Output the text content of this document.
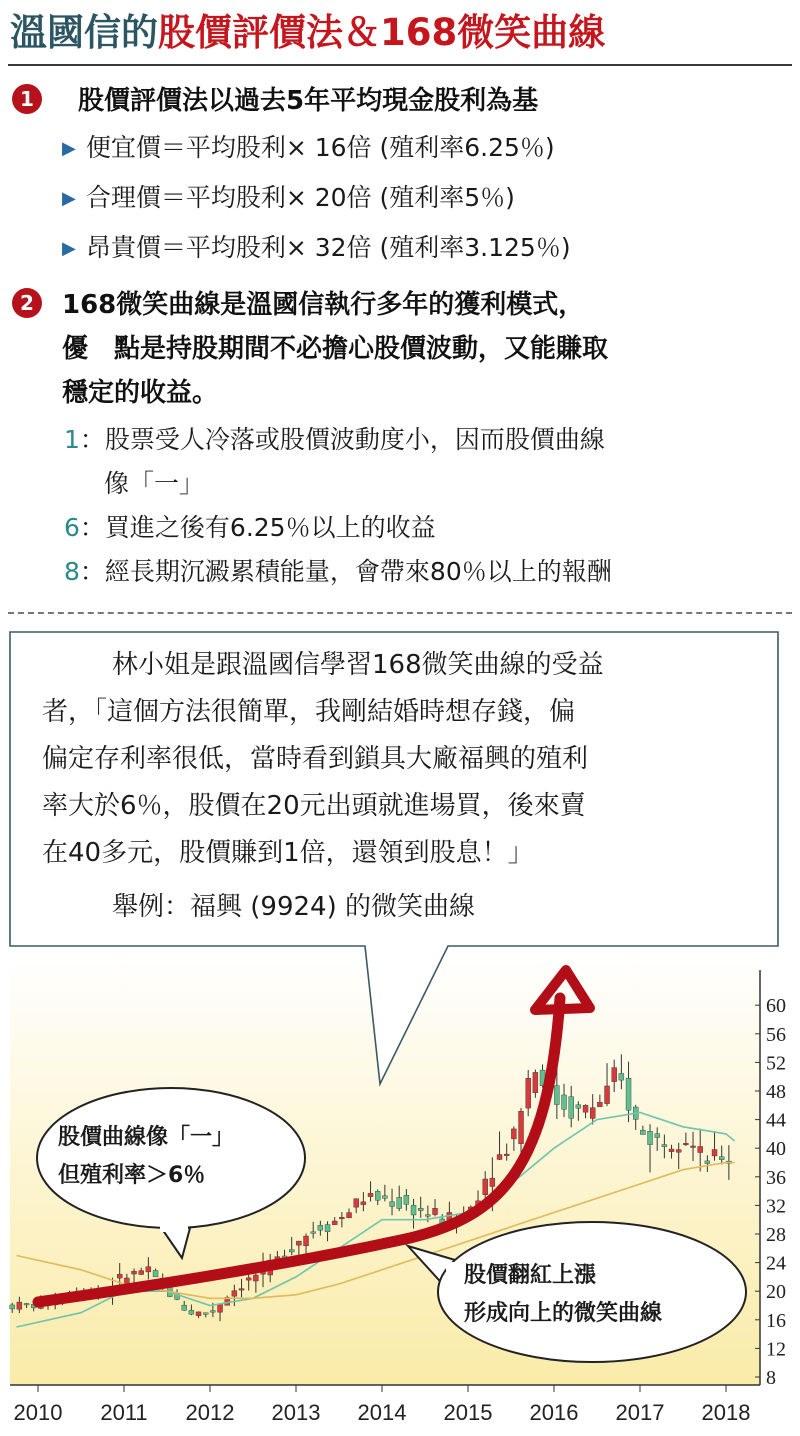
溫國信的股價評價法＆168微笑曲線
1	股價評價法以過去5年平均現金股利為基
▶ 便宜價＝平均股利× 16倍 (殖利率6.25％)
▶ 合理價＝平均股利× 20倍 (殖利率5％)
▶ 昂貴價＝平均股利× 32倍 (殖利率3.125％)
2	168微笑曲線是溫國信執行多年的獲利模式，
優　點是持股期間不必擔心股價波動，又能賺取
穩定的收益。
1：股票受人冷落或股價波動度小，因而股價曲線
像「一」
6：買進之後有6.25％以上的收益
8：經長期沉澱累積能量，會帶來80％以上的報酬
8
12
16
20
24
28
32
36
40
44
48
52
56
60
2010 2011 2012 2013 2014 2015 2016 2017 2018
林小姐是跟溫國信學習168微笑曲線的受益
者，「這個方法很簡單，我剛結婚時想存錢，偏
偏定存利率很低，當時看到鎖具大廠福興的殖利
率大於6％，股價在20元出頭就進場買，後來賣
在40多元，股價賺到1倍，還領到股息！」
舉例：福興 (9924) 的微笑曲線
股價曲線像「一」
但殖利率＞6％
股價翻紅上漲
形成向上的微笑曲線
